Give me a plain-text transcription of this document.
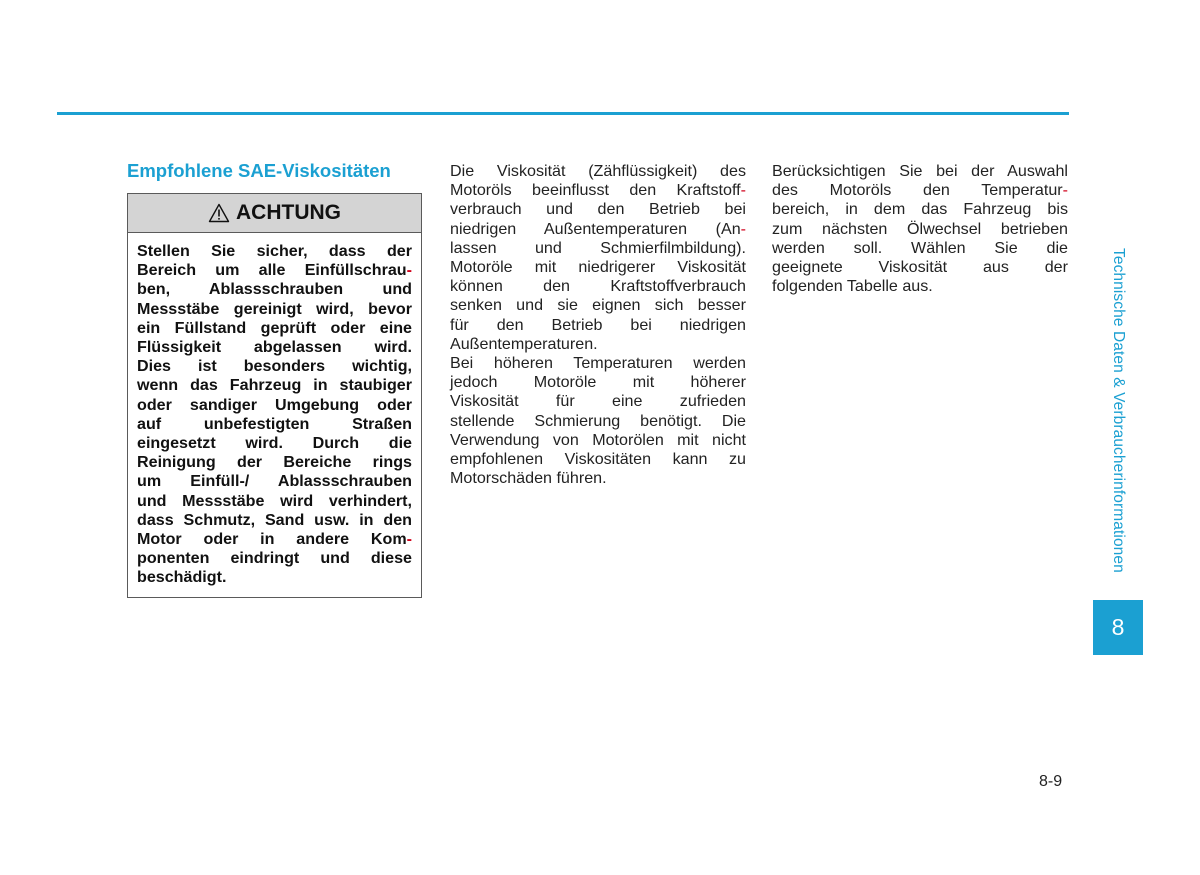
Empfohlene SAE-Viskositäten
ACHTUNG
Stellen Sie sicher, dass der
Bereich um alle Einfüllschrau-
ben, Ablassschrauben und
Messstäbe gereinigt wird, bevor
ein Füllstand geprüft oder eine
Flüssigkeit abgelassen wird.
Dies ist besonders wichtig,
wenn das Fahrzeug in staubiger
oder sandiger Umgebung oder
auf unbefestigten Straßen
eingesetzt wird. Durch die
Reinigung der Bereiche rings
um Einfüll-/ Ablassschrauben
und Messstäbe wird verhindert,
dass Schmutz, Sand usw. in den
Motor oder in andere Kom-
ponenten eindringt und diese
beschädigt.

Die Viskosität (Zähflüssigkeit) des
Motoröls beeinflusst den Kraftstoff-
verbrauch und den Betrieb bei
niedrigen Außentemperaturen (An-
lassen und Schmierfilmbildung).
Motoröle mit niedrigerer Viskosität
können den Kraftstoffverbrauch
senken und sie eignen sich besser
für den Betrieb bei niedrigen
Außentemperaturen.

Bei höheren Temperaturen werden
jedoch Motoröle mit höherer
Viskosität für eine zufrieden
stellende Schmierung benötigt. Die
Verwendung von Motorölen mit nicht
empfohlenen Viskositäten kann zu
Motorschäden führen.

Berücksichtigen Sie bei der Auswahl
des Motoröls den Temperatur-
bereich, in dem das Fahrzeug bis
zum nächsten Ölwechsel betrieben
werden soll. Wählen Sie die
geeignete Viskosität aus der
folgenden Tabelle aus.	Technische Daten & Verbraucherinformationen
8
8-9
